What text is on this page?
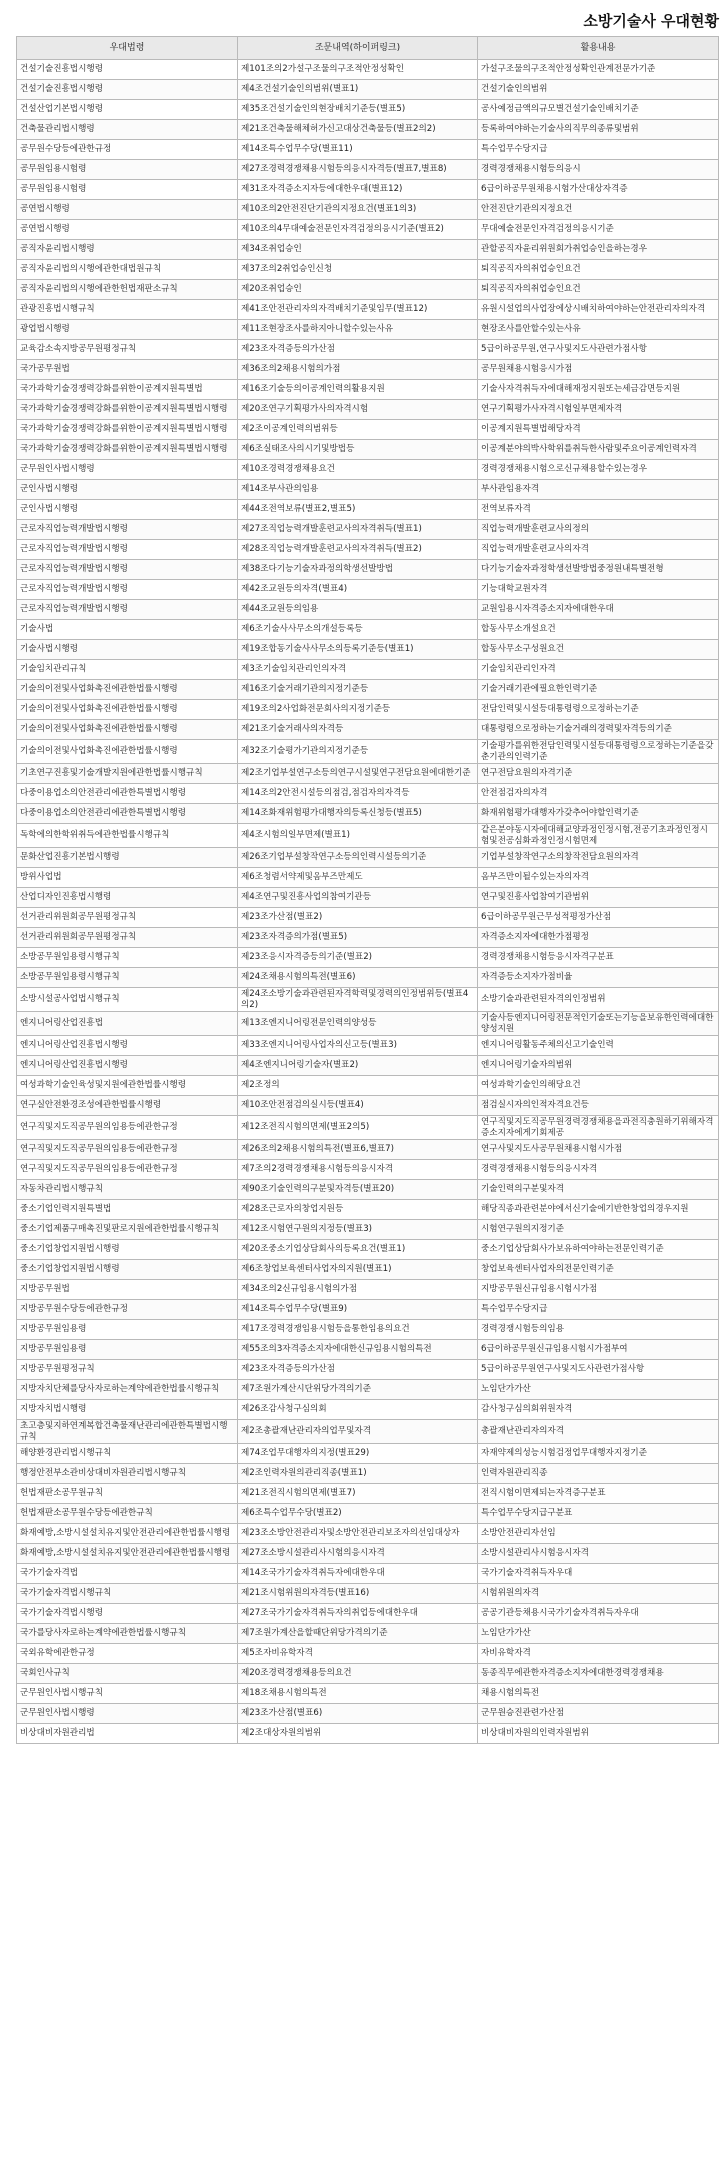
소방기술사 우대현황
우대법령	조문내역(하이퍼링크)	활용내용
건설기술진흥법시행령	제101조의2가설구조물의구조적안정성확인	가설구조물의구조적안정성확인관계전문가기준
건설기술진흥법시행령	제4조건설기술인의범위(별표1)	건설기술인의범위
건설산업기본법시행령	제35조건설기술인의현장배치기준등(별표5)	공사예정금액의규모별건설기술인배치기준
건축물관리법시행령	제21조건축물해체허가신고대상건축물등(별표2의2)	등록하여야하는기술사의직무의종류및범위
공무원수당등에관한규정	제14조특수업무수당(별표11)	특수업무수당지급
공무원임용시험령	제27조경력경쟁채용시험등의응시자격등(별표7,별표8)	경력경쟁채용시험등의응시
공무원임용시험령	제31조자격증소지자등에대한우대(별표12)	6급이하공무원채용시험가산대상자격증
공연법시행령	제10조의2안전진단기관의지정요건(별표1의3)	안전진단기관의지정요건
공연법시행령	제10조의4무대예술전문인자격검정의응시기준(별표2)	무대예술전문인자격검정의응시기준
공직자윤리법시행령	제34조취업승인	관할공직자윤리위원회가취업승인을하는경우
공직자윤리법의시행에관한대법원규칙	제37조의2취업승인신청	퇴직공직자의취업승인요건
공직자윤리법의시행에관한헌법재판소규칙	제20조취업승인	퇴직공직자의취업승인요건
관광진흥법시행규칙	제41조안전관리자의자격배치기준및임무(별표12)	유원시설업의사업장에상시배치하여야하는안전관리자의자격
광업법시행령	제11조현장조사를하지아니할수있는사유	현장조사를안할수있는사유
교육감소속지방공무원평정규칙	제23조자격증등의가산점	5급이하공무원,연구사및지도사관련가점사항
국가공무원법	제36조의2채용시험의가점	공무원채용시험응시가점
국가과학기술경쟁력강화를위한이공계지원특별법	제16조기술등의이공계인력의활용지원	기술사자격취득자에대해재정지원또는세금감면등지원
국가과학기술경쟁력강화를위한이공계지원특별법시행령	제20조연구기획평가사의자격시험	연구기획평가사자격시험일부면제자격
국가과학기술경쟁력강화를위한이공계지원특별법시행령	제2조이공계인력의범위등	이공계지원특별법해당자격
국가과학기술경쟁력강화를위한이공계지원특별법시행령	제6조실태조사의시기및방법등	이공계분야의박사학위를취득한사람및주요이공계인력자격
군무원인사법시행령	제10조경력경쟁채용요건	경력경쟁채용시험으로신규채용할수있는경우
군인사법시행령	제14조부사관의임용	부사관임용자격
군인사법시행령	제44조전역보류(별표2,별표5)	전역보류자격
근로자직업능력개발법시행령	제27조직업능력개발훈련교사의자격취득(별표1)	직업능력개발훈련교사의정의
근로자직업능력개발법시행령	제28조직업능력개발훈련교사의자격취득(별표2)	직업능력개발훈련교사의자격
근로자직업능력개발법시행령	제38조다기능기술자과정의학생선발방법	다기능기술자과정학생선발방법중정원내특별전형
근로자직업능력개발법시행령	제42조교원등의자격(별표4)	기능대학교원자격
근로자직업능력개발법시행령	제44조교원등의임용	교원임용시자격증소지자에대한우대
기술사법	제6조기술사사무소의개설등록등	합동사무소개설요건
기술사법시행령	제19조합동기술사사무소의등록기준등(별표1)	합동사무소구성원요건
기술임치관리규칙	제3조기술임치관리인의자격	기술임치관리인자격
기술의이전및사업화촉진에관한법률시행령	제16조기술거래기관의지정기준등	기술거래기관에필요한인력기준
기술의이전및사업화촉진에관한법률시행령	제19조의2사업화전문회사의지정기준등	전담인력및시설등대통령령으로정하는기준
기술의이전및사업화촉진에관한법률시행령	제21조기술거래사의자격등	대통령령으로정하는기술거래의경력및자격등의기준
기술의이전및사업화촉진에관한법률시행령	제32조기술평가기관의지정기준등	기술평가를위한전담인력및시설등대통령령으로정하는기준을갖춘기관의인력기준
기초연구진흥및기술개발지원에관한법률시행규칙	제2조기업부설연구소등의연구시설및연구전담요원에대한기준	연구전담요원의자격기준
다중이용업소의안전관리에관한특별법시행령	제14조의2안전시설등의점검,점검자의자격등	안전점검자의자격
다중이용업소의안전관리에관한특별법시행령	제14조화재위험평가대행자의등록신청등(별표5)	화재위험평가대행자가갖추어야할인력기준
독학에의한학위취득에관한법률시행규칙	제4조시험의일부면제(별표1)	같은분야동시자에대해교양과정인정시험,전공기초과정인정시험및전공심화과정인정시험면제
문화산업진흥기본법시행령	제26조기업부설창작연구소등의인력시설등의기준	기업부설창작연구소의창작전담요원의자격
방위사업법	제6조청렴서약제및옴부즈만제도	옴부즈만이될수있는자의자격
산업디자인진흥법시행령	제4조연구및진흥사업의참여기관등	연구및진흥사업참여기관범위
선거관리위원회공무원평정규칙	제23조가산점(별표2)	6급이하공무원근무성적평정가산점
선거관리위원회공무원평정규칙	제23조자격증의가점(별표5)	자격증소지자에대한가점평정
소방공무원임용령시행규칙	제23조응시자격증등의기준(별표2)	경력경쟁채용시험등응시자격구분표
소방공무원임용령시행규칙	제24조채용시험의특전(별표6)	자격증등소지자가점비율
소방시설공사업법시행규칙	제24조소방기술과관련된자격학력및경력의인정범위등(별표4의2)	소방기술과관련된자격의인정범위
엔지니어링산업진흥법	제13조엔지니어링전문인력의양성등	기술사등엔지니어링전문적인기술또는기능을보유한인력에대한양성지원
엔지니어링산업진흥법시행령	제33조엔지니어링사업자의신고등(별표3)	엔지니어링활동주체의신고기술인력
엔지니어링산업진흥법시행령	제4조엔지니어링기술자(별표2)	엔지니어링기술자의범위
여성과학기술인육성및지원에관한법률시행령	제2조정의	여성과학기술인의해당요건
연구실안전환경조성에관한법률시행령	제10조안전점검의실시등(별표4)	점검실시자의인적자격요건등
연구직및지도직공무원의임용등에관한규정	제12조전직시험의면제(별표2의5)	연구직및지도직공무원경력경쟁채용을과전직충원하기위해자격증소지자에게기회제공
연구직및지도직공무원의임용등에관한규정	제26조의2채용시험의특전(별표6,별표7)	연구사및지도사공무원채용시험시가점
연구직및지도직공무원의임용등에관한규정	제7조의2경력경쟁채용시험등의응시자격	경력경쟁채용시험등의응시자격
자동차관리법시행규칙	제90조기술인력의구분및자격등(별표20)	기술인력의구분및자격
중소기업인력지원특별법	제28조근로자의창업지원등	해당직종과관련분야에서신기술에기반한창업의경우지원
중소기업제품구매촉진및판로지원에관한법률시행규칙	제12조시험연구원의지정등(별표3)	시험연구원의지정기준
중소기업창업지원법시행령	제20조중소기업상담회사의등록요건(별표1)	중소기업상담회사가보유하여야하는전문인력기준
중소기업창업지원법시행령	제6조창업보육센터사업자의지원(별표1)	창업보육센터사업자의전문인력기준
지방공무원법	제34조의2신규임용시험의가점	지방공무원신규임용시험시가점
지방공무원수당등에관한규정	제14조특수업무수당(별표9)	특수업무수당지급
지방공무원임용령	제17조경력경쟁임용시험등을통한임용의요건	경력경쟁시험등의임용
지방공무원임용령	제55조의3자격증소지자에대한신규임용시험의특전	6급이하공무원신규임용시험시가점부여
지방공무원평정규칙	제23조자격증등의가산점	5급이하공무원연구사및지도사관련가점사항
지방자치단체를당사자로하는계약에관한법률시행규칙	제7조원가계산시단위당가격의기준	노임단가가산
지방자치법시행령	제26조감사청구심의회	감사청구심의회위원자격
초고층및지하연계복합건축물재난관리에관한특별법시행규칙	제2조총괄재난관리자의업무및자격	총괄재난관리자의자격
해양환경관리법시행규칙	제74조업무대행자의지정(별표29)	자재약제의성능시험검정업무대행자지정기준
행정안전부소관비상대비자원관리법시행규칙	제2조인력자원의관리직종(별표1)	인력자원관리직종
헌법재판소공무원규칙	제21조전직시험의면제(별표7)	전직시험이면제되는자격증구분표
헌법재판소공무원수당등에관한규칙	제6조특수업무수당(별표2)	특수업무수당지급구분표
화재예방,소방시설설치유지및안전관리에관한법률시행령	제23조소방안전관리자및소방안전관리보조자의선임대상자	소방안전관리자선임
화재예방,소방시설설치유지및안전관리에관한법률시행령	제27조소방시설관리사시험의응시자격	소방시설관리사시험응시자격
국가기술자격법	제14조국가기술자격취득자에대한우대	국가기술자격취득자우대
국가기술자격법시행규칙	제21조시험위원의자격등(별표16)	시험위원의자격
국가기술자격법시행령	제27조국가기술자격취득자의취업등에대한우대	공공기관등채용시국가기술자격취득자우대
국가를당사자로하는계약에관한법률시행규칙	제7조원가계산을할때단위당가격의기준	노임단가가산
국외유학에관한규정	제5조자비유학자격	자비유학자격
국회인사규칙	제20조경력경쟁채용등의요건	동종직무에관한자격증소지자에대한경력경쟁채용
군무원인사법시행규칙	제18조채용시험의특전	채용시험의특전
군무원인사법시행령	제23조가산점(별표6)	군무원승진관련가산점
비상대비자원관리법	제2조대상자원의범위	비상대비자원의인력자원범위
